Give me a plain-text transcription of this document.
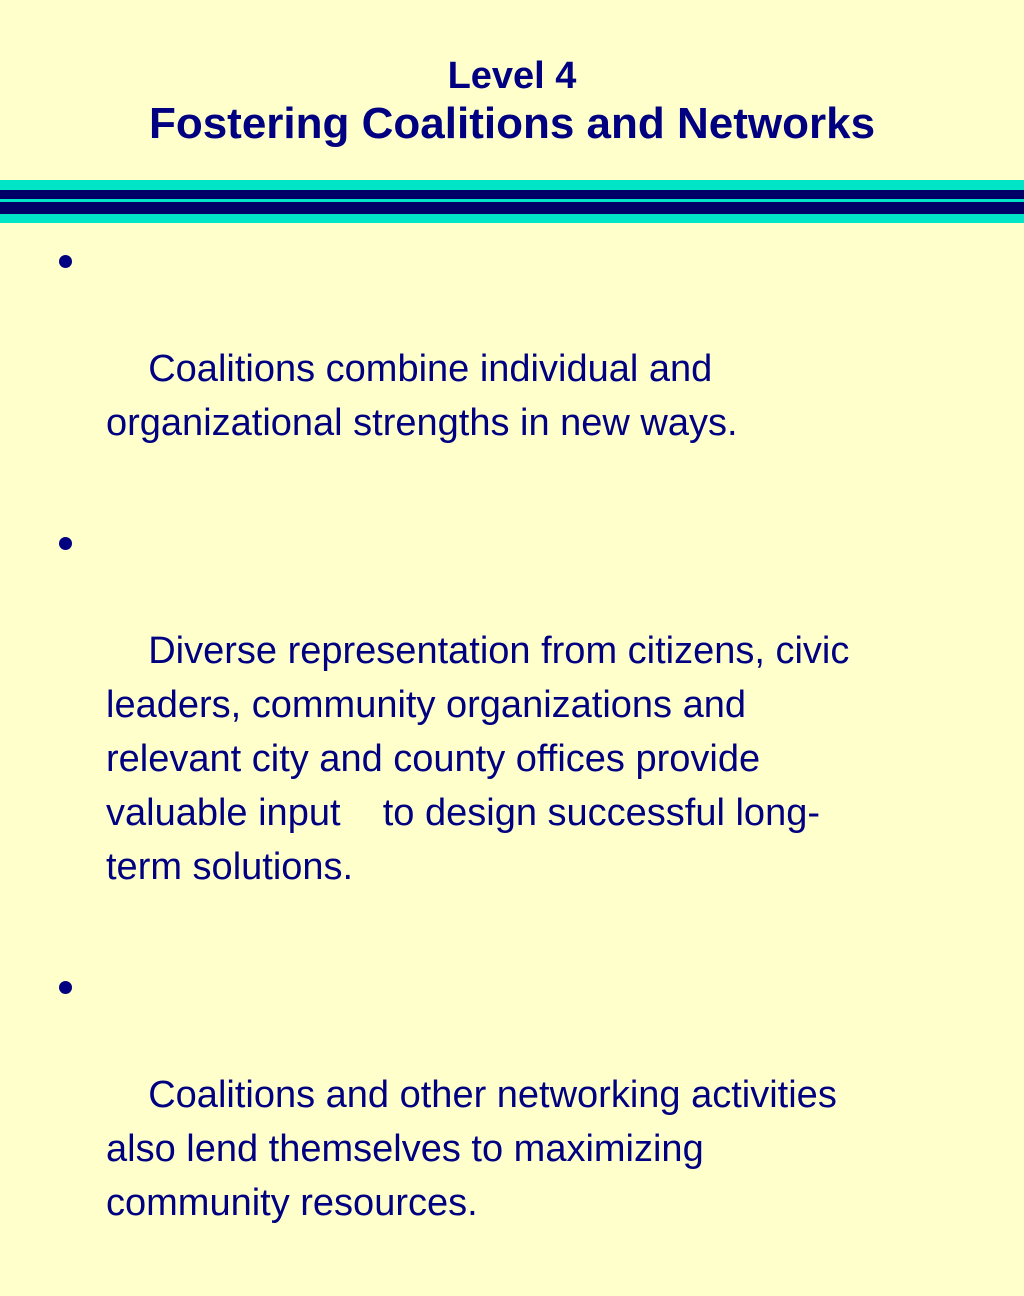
Level 4
Fostering Coalitions and Networks

Coalitions combine individual and
organizational strengths in new ways.

Diverse representation from citizens, civic
leaders, community organizations and
relevant city and county offices provide
valuable input    to design successful long-
term solutions.

Coalitions and other networking activities
also lend themselves to maximizing
community resources.
